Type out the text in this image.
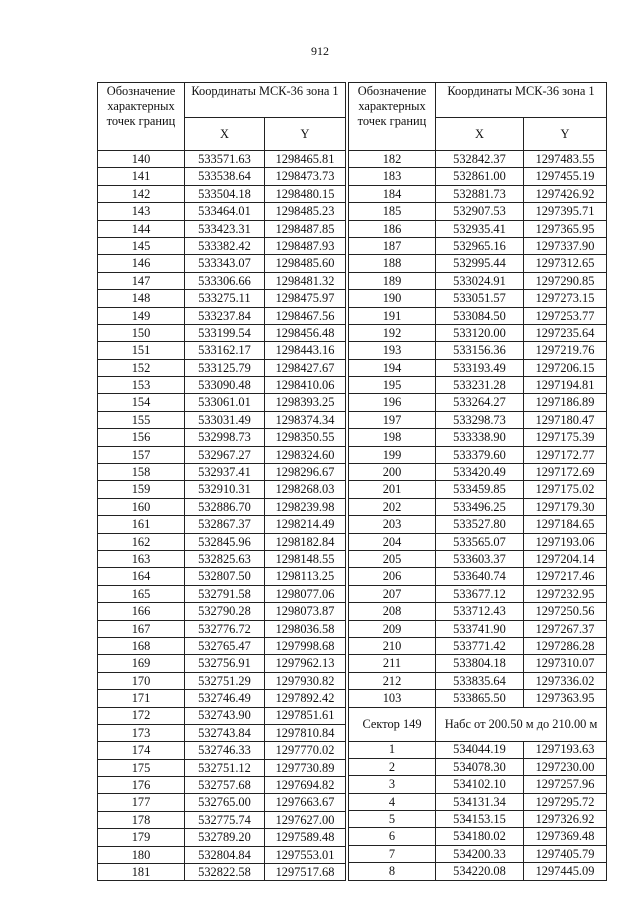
912
Обозначение характерных точек границ	Координаты МСК-36 зона 1	
	X	Y
140	533571.63	1298465.81
141	533538.64	1298473.73
142	533504.18	1298480.15
143	533464.01	1298485.23
144	533423.31	1298487.85
145	533382.42	1298487.93
146	533343.07	1298485.60
147	533306.66	1298481.32
148	533275.11	1298475.97
149	533237.84	1298467.56
150	533199.54	1298456.48
151	533162.17	1298443.16
152	533125.79	1298427.67
153	533090.48	1298410.06
154	533061.01	1298393.25
155	533031.49	1298374.34
156	532998.73	1298350.55
157	532967.27	1298324.60
158	532937.41	1298296.67
159	532910.31	1298268.03
160	532886.70	1298239.98
161	532867.37	1298214.49
162	532845.96	1298182.84
163	532825.63	1298148.55
164	532807.50	1298113.25
165	532791.58	1298077.06
166	532790.28	1298073.87
167	532776.72	1298036.58
168	532765.47	1297998.68
169	532756.91	1297962.13
170	532751.29	1297930.82
171	532746.49	1297892.42
172	532743.90	1297851.61
173	532743.84	1297810.84
174	532746.33	1297770.02
175	532751.12	1297730.89
176	532757.68	1297694.82
177	532765.00	1297663.67
178	532775.74	1297627.00
179	532789.20	1297589.48
180	532804.84	1297553.01
181	532822.58	1297517.68
Обозначение характерных точек границ	Координаты МСК-36 зона 1	
	X	Y
182	532842.37	1297483.55
183	532861.00	1297455.19
184	532881.73	1297426.92
185	532907.53	1297395.71
186	532935.41	1297365.95
187	532965.16	1297337.90
188	532995.44	1297312.65
189	533024.91	1297290.85
190	533051.57	1297273.15
191	533084.50	1297253.77
192	533120.00	1297235.64
193	533156.36	1297219.76
194	533193.49	1297206.15
195	533231.28	1297194.81
196	533264.27	1297186.89
197	533298.73	1297180.47
198	533338.90	1297175.39
199	533379.60	1297172.77
200	533420.49	1297172.69
201	533459.85	1297175.02
202	533496.25	1297179.30
203	533527.80	1297184.65
204	533565.07	1297193.06
205	533603.37	1297204.14
206	533640.74	1297217.46
207	533677.12	1297232.95
208	533712.43	1297250.56
209	533741.90	1297267.37
210	533771.42	1297286.28
211	533804.18	1297310.07
212	533835.64	1297336.02
103	533865.50	1297363.95
Сектор 149	Набс от 200.50 м до 210.00 м	
1	534044.19	1297193.63
2	534078.30	1297230.00
3	534102.10	1297257.96
4	534131.34	1297295.72
5	534153.15	1297326.92
6	534180.02	1297369.48
7	534200.33	1297405.79
8	534220.08	1297445.09
